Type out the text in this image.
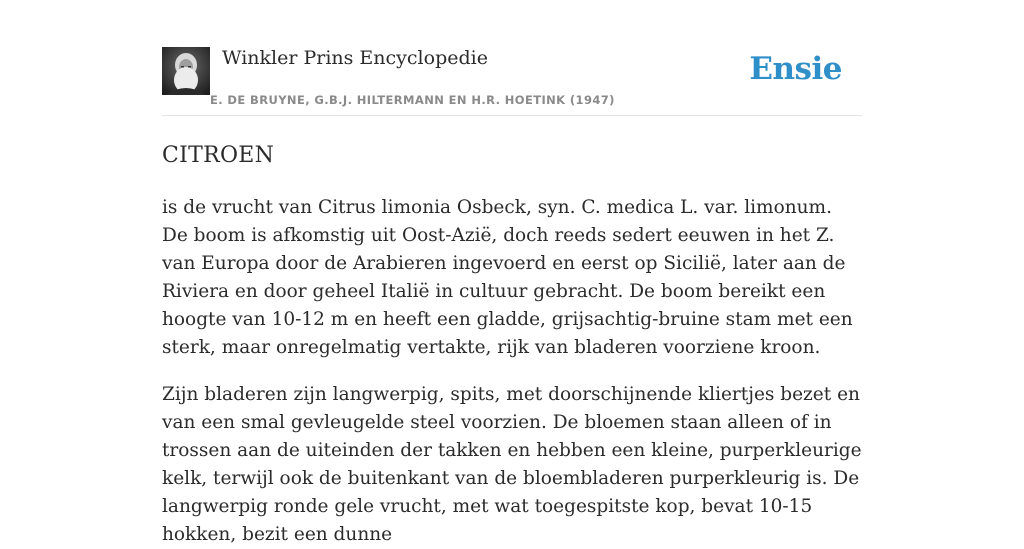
Winkler Prins Encyclopedie
E. DE BRUYNE, G.B.J. HILTERMANN EN H.R. HOETINK (1947)
Ensie
CITROEN

is de vrucht van Citrus limonia Osbeck, syn. C. medica L. var. limonum. De boom is afkomstig uit Oost-Azië, doch reeds sedert eeuwen in het Z. van Europa door de Arabieren ingevoerd en eerst op Sicilië, later aan de Riviera en door geheel Italië in cultuur gebracht. De boom bereikt een hoogte van 10-12 m en heeft een gladde, grijsachtig-bruine stam met een sterk, maar onregelmatig vertakte, rijk van bladeren voorziene kroon.

Zijn bladeren zijn langwerpig, spits, met doorschijnende kliertjes bezet en van een smal gevleugelde steel voorzien. De bloemen staan alleen of in trossen aan de uiteinden der takken en hebben een kleine, purperkleurige kelk, terwijl ook de buitenkant van de bloembladeren purperkleurig is. De langwerpig ronde gele vrucht, met wat toegespitste kop, bevat 10-15 hokken, bezit een dunne
